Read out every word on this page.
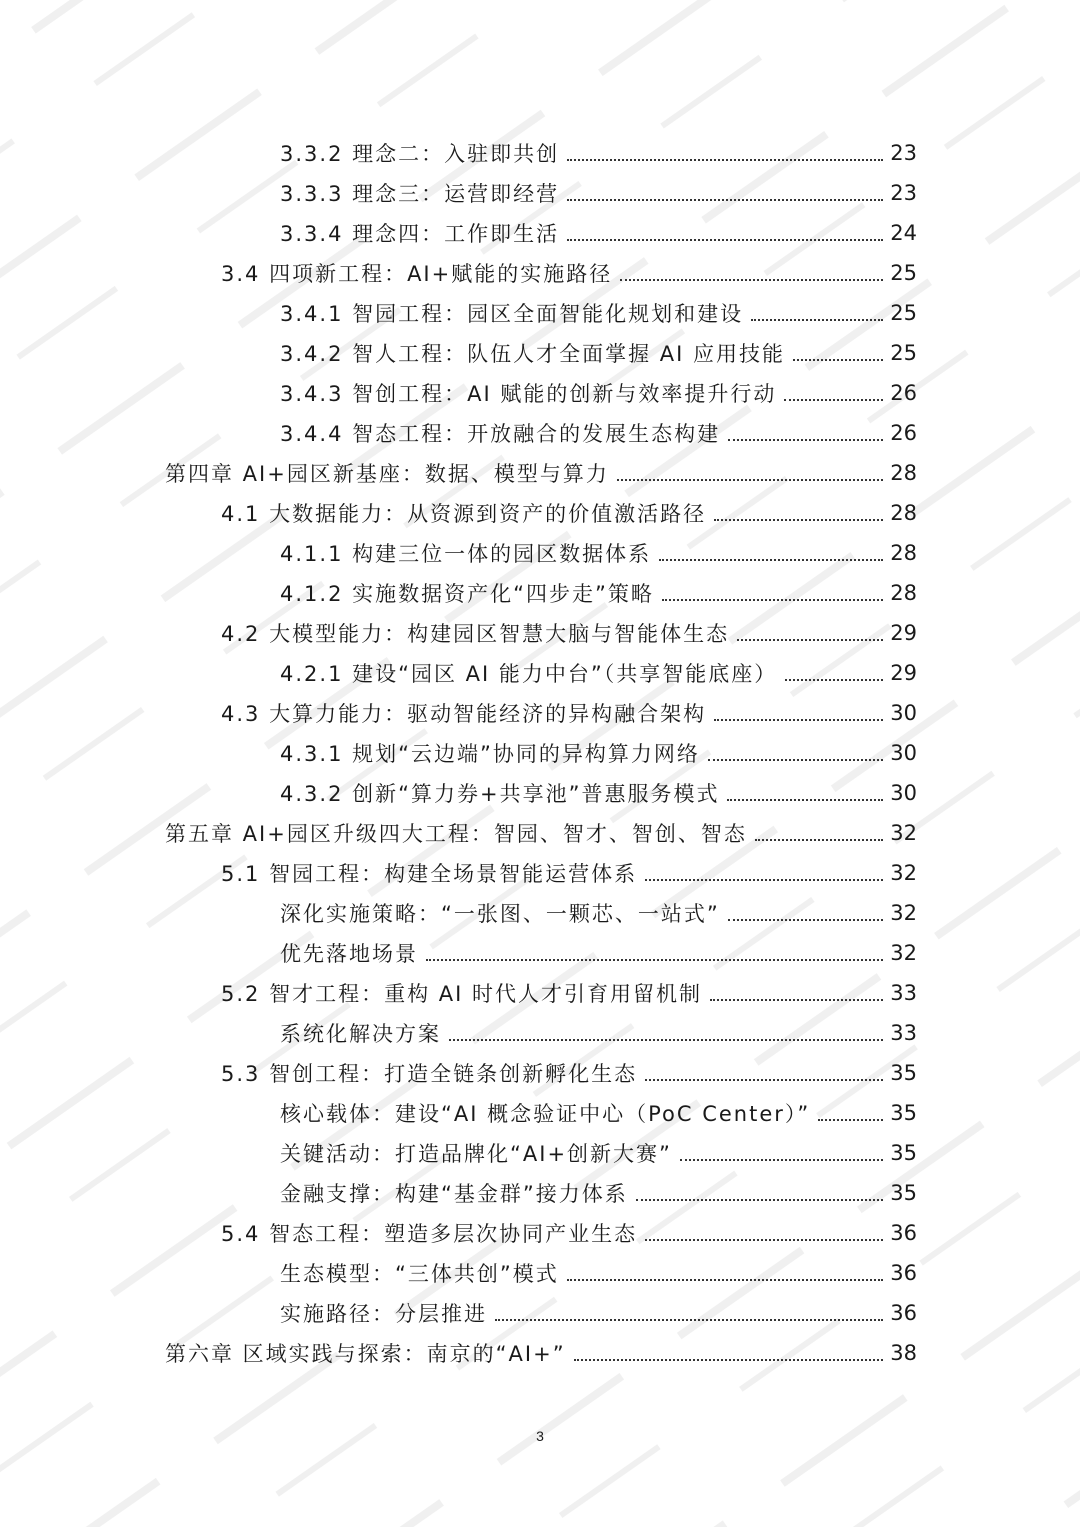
3.3.2 理念二：入驻即共创	23
3.3.3 理念三：运营即经营	23
3.3.4 理念四：工作即生活	24
3.4 四项新工程：AI+赋能的实施路径	25
3.4.1 智园工程：园区全面智能化规划和建设	25
3.4.2 智人工程：队伍人才全面掌握 AI 应用技能	25
3.4.3 智创工程：AI 赋能的创新与效率提升行动	26
3.4.4 智态工程：开放融合的发展生态构建	26
第四章 AI+园区新基座：数据、模型与算力	28
4.1 大数据能力：从资源到资产的价值激活路径	28
4.1.1 构建三位一体的园区数据体系	28
4.1.2 实施数据资产化“四步走”策略	28
4.2 大模型能力：构建园区智慧大脑与智能体生态	29
4.2.1 建设“园区 AI 能力中台”（共享智能底座）	29
4.3 大算力能力：驱动智能经济的异构融合架构	30
4.3.1 规划“云边端”协同的异构算力网络	30
4.3.2 创新“算力券+共享池”普惠服务模式	30
第五章 AI+园区升级四大工程：智园、智才、智创、智态	32
5.1 智园工程：构建全场景智能运营体系	32
深化实施策略：“一张图、一颗芯、一站式”	32
优先落地场景	32
5.2 智才工程：重构 AI 时代人才引育用留机制	33
系统化解决方案	33
5.3 智创工程：打造全链条创新孵化生态	35
核心载体：建设“AI 概念验证中心（PoC Center）”	35
关键活动：打造品牌化“AI+创新大赛”	35
金融支撑：构建“基金群”接力体系	35
5.4 智态工程：塑造多层次协同产业生态	36
生态模型：“三体共创”模式	36
实施路径：分层推进	36
第六章 区域实践与探索：南京的“AI+”	38
3
